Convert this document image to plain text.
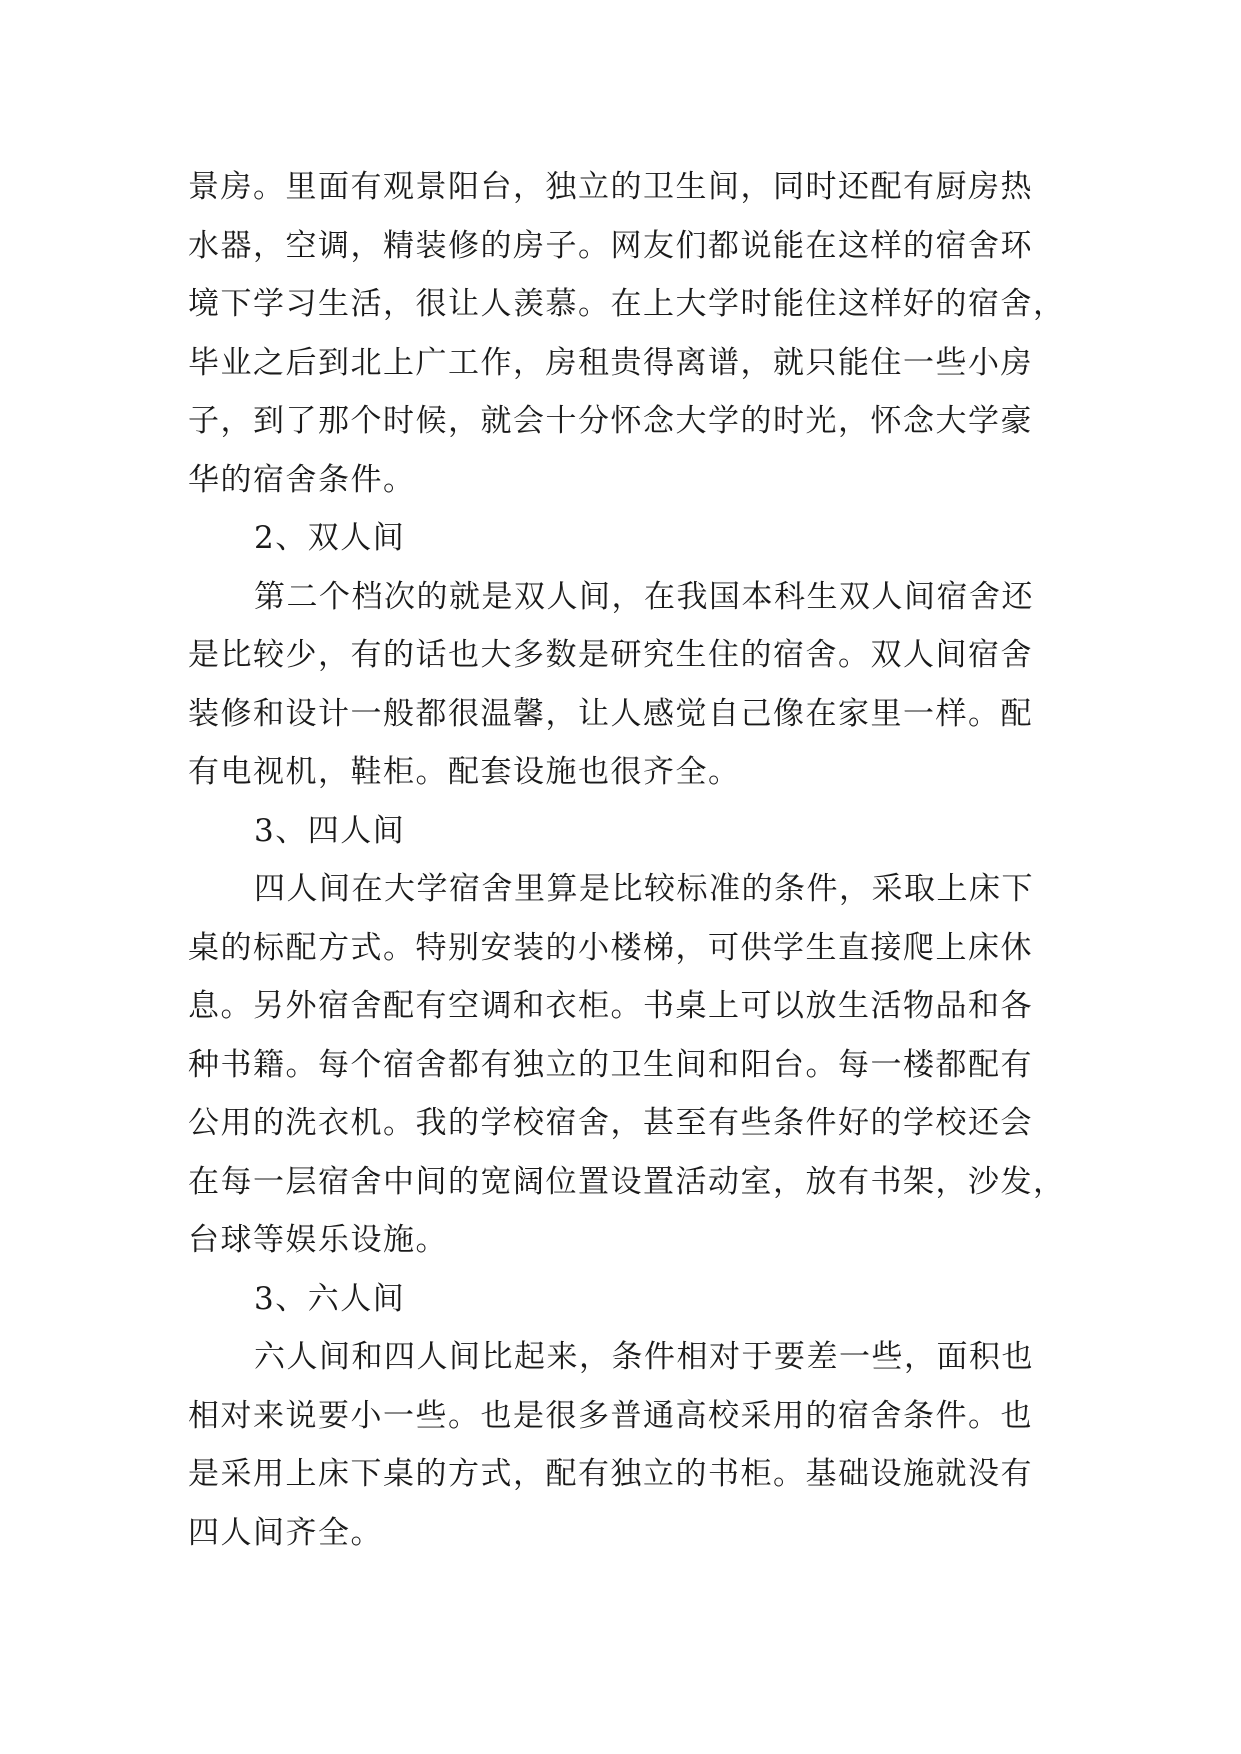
景房。里面有观景阳台，独立的卫生间，同时还配有厨房热
水器，空调，精装修的房子。网友们都说能在这样的宿舍环
境下学习生活，很让人羡慕。在上大学时能住这样好的宿舍，
毕业之后到北上广工作，房租贵得离谱，就只能住一些小房
子，到了那个时候，就会十分怀念大学的时光，怀念大学豪
华的宿舍条件。
2、双人间
第二个档次的就是双人间，在我国本科生双人间宿舍还
是比较少，有的话也大多数是研究生住的宿舍。双人间宿舍
装修和设计一般都很温馨，让人感觉自己像在家里一样。配
有电视机，鞋柜。配套设施也很齐全。
3、四人间
四人间在大学宿舍里算是比较标准的条件，采取上床下
桌的标配方式。特别安装的小楼梯，可供学生直接爬上床休
息。另外宿舍配有空调和衣柜。书桌上可以放生活物品和各
种书籍。每个宿舍都有独立的卫生间和阳台。每一楼都配有
公用的洗衣机。我的学校宿舍，甚至有些条件好的学校还会
在每一层宿舍中间的宽阔位置设置活动室，放有书架，沙发，
台球等娱乐设施。
3、六人间
六人间和四人间比起来，条件相对于要差一些，面积也
相对来说要小一些。也是很多普通高校采用的宿舍条件。也
是采用上床下桌的方式，配有独立的书柜。基础设施就没有
四人间齐全。
